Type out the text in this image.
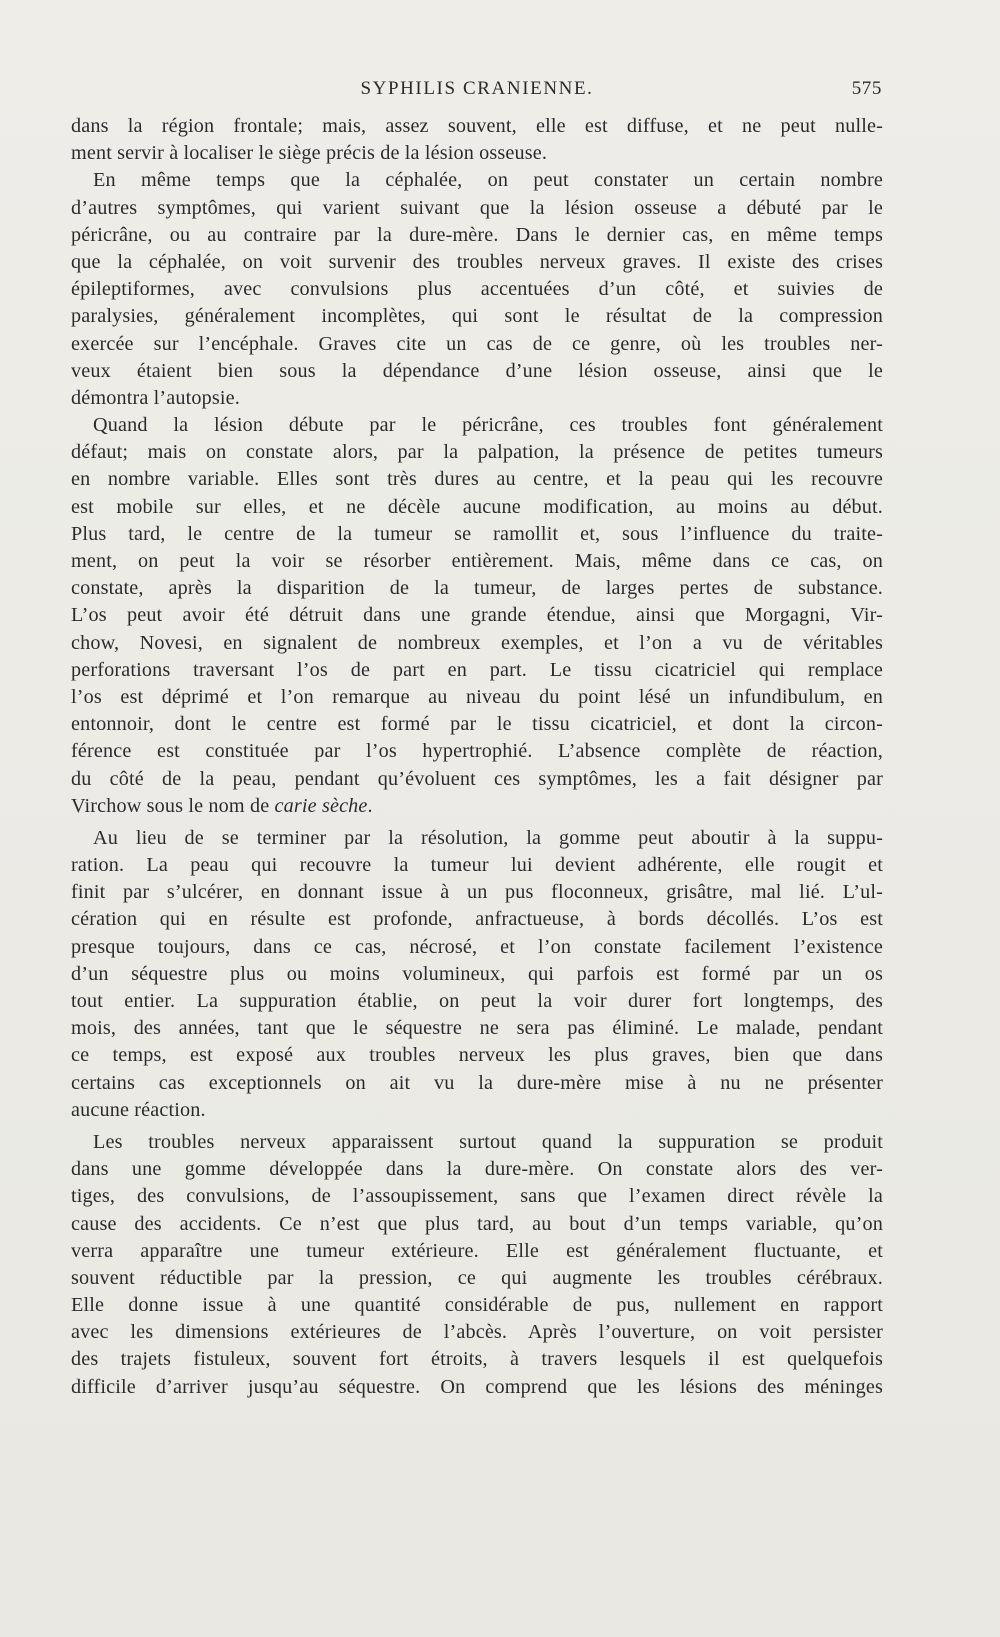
SYPHILIS CRANIENNE.	575
dans la région frontale; mais, assez souvent, elle est diffuse, et ne peut nulle-
ment servir à localiser le siège précis de la lésion osseuse.
En même temps que la céphalée, on peut constater un certain nombre
d’autres symptômes, qui varient suivant que la lésion osseuse a débuté par le
péricrâne, ou au contraire par la dure-mère. Dans le dernier cas, en même temps
que la céphalée, on voit survenir des troubles nerveux graves. Il existe des crises
épileptiformes, avec convulsions plus accentuées d’un côté, et suivies de
paralysies, généralement incomplètes, qui sont le résultat de la compression
exercée sur l’encéphale. Graves cite un cas de ce genre, où les troubles ner-
veux étaient bien sous la dépendance d’une lésion osseuse, ainsi que le
démontra l’autopsie.
Quand la lésion débute par le péricrâne, ces troubles font généralement
défaut; mais on constate alors, par la palpation, la présence de petites tumeurs
en nombre variable. Elles sont très dures au centre, et la peau qui les recouvre
est mobile sur elles, et ne décèle aucune modification, au moins au début.
Plus tard, le centre de la tumeur se ramollit et, sous l’influence du traite-
ment, on peut la voir se résorber entièrement. Mais, même dans ce cas, on
constate, après la disparition de la tumeur, de larges pertes de substance.
L’os peut avoir été détruit dans une grande étendue, ainsi que Morgagni, Vir-
chow, Novesi, en signalent de nombreux exemples, et l’on a vu de véritables
perforations traversant l’os de part en part. Le tissu cicatriciel qui remplace
l’os est déprimé et l’on remarque au niveau du point lésé un infundibulum, en
entonnoir, dont le centre est formé par le tissu cicatriciel, et dont la circon-
férence est constituée par l’os hypertrophié. L’absence complète de réaction,
du côté de la peau, pendant qu’évoluent ces symptômes, les a fait désigner par
Virchow sous le nom de carie sèche.
Au lieu de se terminer par la résolution, la gomme peut aboutir à la suppu-
ration. La peau qui recouvre la tumeur lui devient adhérente, elle rougit et
finit par s’ulcérer, en donnant issue à un pus floconneux, grisâtre, mal lié. L’ul-
cération qui en résulte est profonde, anfractueuse, à bords décollés. L’os est
presque toujours, dans ce cas, nécrosé, et l’on constate facilement l’existence
d’un séquestre plus ou moins volumineux, qui parfois est formé par un os
tout entier. La suppuration établie, on peut la voir durer fort longtemps, des
mois, des années, tant que le séquestre ne sera pas éliminé. Le malade, pendant
ce temps, est exposé aux troubles nerveux les plus graves, bien que dans
certains cas exceptionnels on ait vu la dure-mère mise à nu ne présenter
aucune réaction.
Les troubles nerveux apparaissent surtout quand la suppuration se produit
dans une gomme développée dans la dure-mère. On constate alors des ver-
tiges, des convulsions, de l’assoupissement, sans que l’examen direct révèle la
cause des accidents. Ce n’est que plus tard, au bout d’un temps variable, qu’on
verra apparaître une tumeur extérieure. Elle est généralement fluctuante, et
souvent réductible par la pression, ce qui augmente les troubles cérébraux.
Elle donne issue à une quantité considérable de pus, nullement en rapport
avec les dimensions extérieures de l’abcès. Après l’ouverture, on voit persister
des trajets fistuleux, souvent fort étroits, à travers lesquels il est quelquefois
difficile d’arriver jusqu’au séquestre. On comprend que les lésions des méninges
